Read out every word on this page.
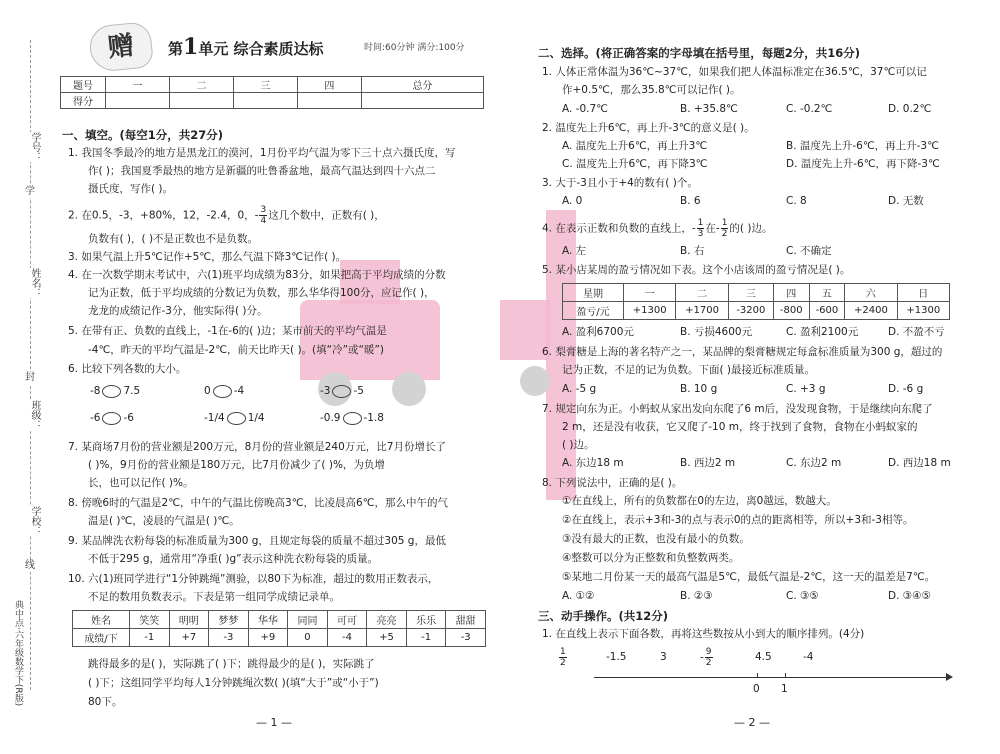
学号：
学
姓名：
封
班级：
学校：
线
典中点·六年级数学下(R版)
赠	第1单元 综合素质达标	时间:60分钟 满分:100分
题号	一	二	三	四	总分
得分					
一、填空。(每空1分，共27分)
1. 我国冬季最冷的地方是黑龙江的漠河，1月份平均气温为零下三十点六摄氏度，写
作( )；我国夏季最热的地方是新疆的吐鲁番盆地，最高气温达到四十六点二
摄氏度，写作( )。
2. 在0.5，-3，+80%，12，-2.4，0，- $\frac{3}{4}$ 这几个数中，正数有( )，
负数有( )，( )不是正数也不是负数。
3. 如果气温上升5℃记作+5℃，那么气温下降3℃记作( )。
4. 在一次数学期末考试中，六(1)班平均成绩为83分，如果把高于平均成绩的分数
记为正数，低于平均成绩的分数记为负数，那么华华得100分，应记作( )，
龙龙的成绩记作-3分，他实际得( )分。
5. 在带有正、负数的直线上，-1在-6的( )边；某市前天的平均气温是
-4℃，昨天的平均气温是-2℃，前天比昨天( )。(填“冷”或“暖”)
6. 比较下列各数的大小。
-8 7.5	0 -4	-3 -5
-6 -6	-1/4 1/4	-0.9 -1.8
7. 某商场7月份的营业额是200万元，8月份的营业额是240万元，比7月份增长了
( )%，9月份的营业额是180万元，比7月份减少了( )%，为负增
长，也可以记作( )%。
8. 傍晚6时的气温是2℃，中午的气温比傍晚高3℃，比凌晨高6℃，那么中午的气
温是( )℃，凌晨的气温是( )℃。
9. 某品牌洗衣粉每袋的标准质量为300 g，且规定每袋的质量不超过305 g，最低
不低于295 g，通常用“净重( )g”表示这种洗衣粉每袋的质量。
10. 六(1)班同学进行“1分钟跳绳”测验，以80下为标准，超过的数用正数表示，
不足的数用负数表示。下表是第一组同学成绩记录单。
姓名	笑笑	明明	梦梦	华华	同同	可可	亮亮	乐乐	甜甜
成绩/下	-1	+7	-3	+9	0	-4	+5	-1	-3
跳得最多的是( )，实际跳了( )下；跳得最少的是( )，实际跳了
( )下；这组同学平均每人1分钟跳绳次数( )(填“大于”或“小于”)
80下。
— 1 —
二、选择。(将正确答案的字母填在括号里，每题2分，共16分)
1. 人体正常体温为36℃~37℃，如果我们把人体温标准定在36.5℃，37℃可以记
作+0.5℃，那么35.8℃可以记作( )。
A. -0.7℃	B. +35.8℃	C. -0.2℃	D. 0.2℃
2. 温度先上升6℃，再上升-3℃的意义是( )。
A. 温度先上升6℃，再上升3℃	B. 温度先上升-6℃，再上升-3℃
C. 温度先上升6℃，再下降3℃	D. 温度先上升-6℃，再下降-3℃
3. 大于-3且小于+4的数有( )个。
A. 0	B. 6	C. 8	D. 无数
4. 在表示正数和负数的直线上，- $\frac{1}{3}$ 在- $\frac{1}{2}$ 的( )边。
A. 左	B. 右	C. 不确定
5. 某小店某周的盈亏情况如下表。这个小店该周的盈亏情况是( )。
星期	一	二	三	四	五	六	日
盈亏/元	+1300	+1700	-3200	-800	-600	+2400	+1300
A. 盈利6700元	B. 亏损4600元	C. 盈利2100元	D. 不盈不亏
6. 梨膏糖是上海的著名特产之一，某品牌的梨膏糖规定每盒标准质量为300 g，超过的
记为正数，不足的记为负数。下面( )最接近标准质量。
A. -5 g	B. 10 g	C. +3 g	D. -6 g
7. 规定向东为正。小蚂蚁从家出发向东爬了6 m后，没发现食物，于是继续向东爬了
2 m，还是没有收获，它又爬了-10 m，终于找到了食物，食物在小蚂蚁家的
( )边。
A. 东边18 m	B. 西边2 m	C. 东边2 m	D. 西边18 m
8. 下列说法中，正确的是( )。
①在直线上，所有的负数都在0的左边，离0越远，数越大。
②在直线上，表示+3和-3的点与表示0的点的距离相等，所以+3和-3相等。
③没有最大的正数，也没有最小的负数。
④整数可以分为正整数和负整数两类。
⑤某地二月份某一天的最高气温是5℃，最低气温是-2℃，这一天的温差是7℃。
A. ①②	B. ②③	C. ③⑤	D. ③④⑤
三、动手操作。(共12分)
1. 在直线上表示下面各数，再将这些数按从小到大的顺序排列。(4分)
$\frac{1}{2}$	-1.5	3	- $\frac{9}{2}$	4.5	-4
— 2 —
0 1
